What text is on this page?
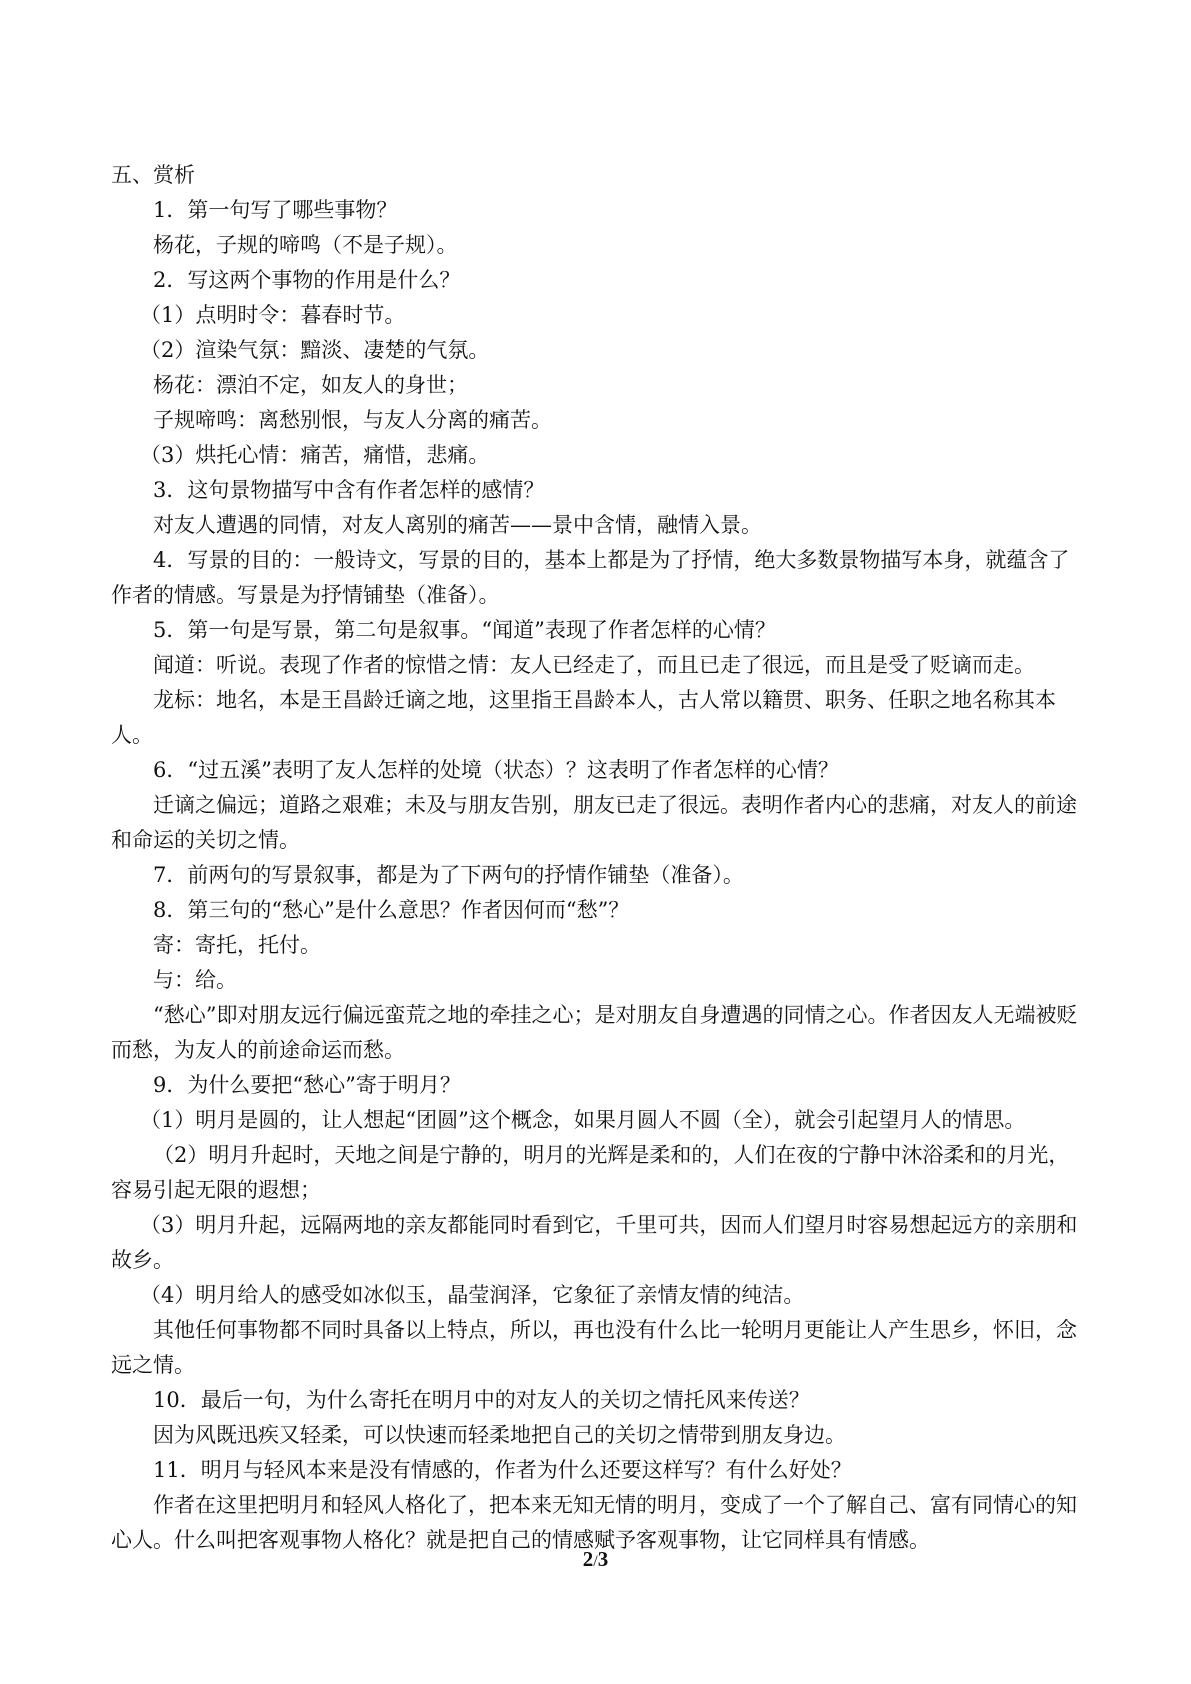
五、赏析

1．第一句写了哪些事物？

杨花，子规的啼鸣（不是子规）。

2．写这两个事物的作用是什么？

（1）点明时令：暮春时节。

（2）渲染气氛：黯淡、凄楚的气氛。

杨花：漂泊不定，如友人的身世；

子规啼鸣：离愁别恨，与友人分离的痛苦。

（3）烘托心情：痛苦，痛惜，悲痛。

3．这句景物描写中含有作者怎样的感情？

对友人遭遇的同情，对友人离别的痛苦——景中含情，融情入景。

4．写景的目的：一般诗文，写景的目的，基本上都是为了抒情，绝大多数景物描写本身，就蕴含了作者的情感。写景是为抒情铺垫（准备）。

5．第一句是写景，第二句是叙事。“闻道”表现了作者怎样的心情？

闻道：听说。表现了作者的惊惜之情：友人已经走了，而且已走了很远，而且是受了贬谪而走。

龙标：地名，本是王昌龄迁谪之地，这里指王昌龄本人，古人常以籍贯、职务、任职之地名称其本人。

6．“过五溪”表明了友人怎样的处境（状态）？这表明了作者怎样的心情？

迁谪之偏远；道路之艰难；未及与朋友告别，朋友已走了很远。表明作者内心的悲痛，对友人的前途和命运的关切之情。

7．前两句的写景叙事，都是为了下两句的抒情作铺垫（准备）。

8．第三句的“愁心”是什么意思？作者因何而“愁”？

寄：寄托，托付。

与：给。

“愁心”即对朋友远行偏远蛮荒之地的牵挂之心；是对朋友自身遭遇的同情之心。作者因友人无端被贬而愁，为友人的前途命运而愁。

9．为什么要把“愁心”寄于明月？

（1）明月是圆的，让人想起“团圆”这个概念，如果月圆人不圆（全），就会引起望月人的情思。

（2）明月升起时，天地之间是宁静的，明月的光辉是柔和的，人们在夜的宁静中沐浴柔和的月光，容易引起无限的遐想；

（3）明月升起，远隔两地的亲友都能同时看到它，千里可共，因而人们望月时容易想起远方的亲朋和故乡。

（4）明月给人的感受如冰似玉，晶莹润泽，它象征了亲情友情的纯洁。

其他任何事物都不同时具备以上特点，所以，再也没有什么比一轮明月更能让人产生思乡，怀旧，念远之情。

10．最后一句，为什么寄托在明月中的对友人的关切之情托风来传送？

因为风既迅疾又轻柔，可以快速而轻柔地把自己的关切之情带到朋友身边。

11．明月与轻风本来是没有情感的，作者为什么还要这样写？有什么好处？

作者在这里把明月和轻风人格化了，把本来无知无情的明月，变成了一个了解自己、富有同情心的知心人。什么叫把客观事物人格化？就是把自己的情感赋予客观事物，让它同样具有情感。

2/3
